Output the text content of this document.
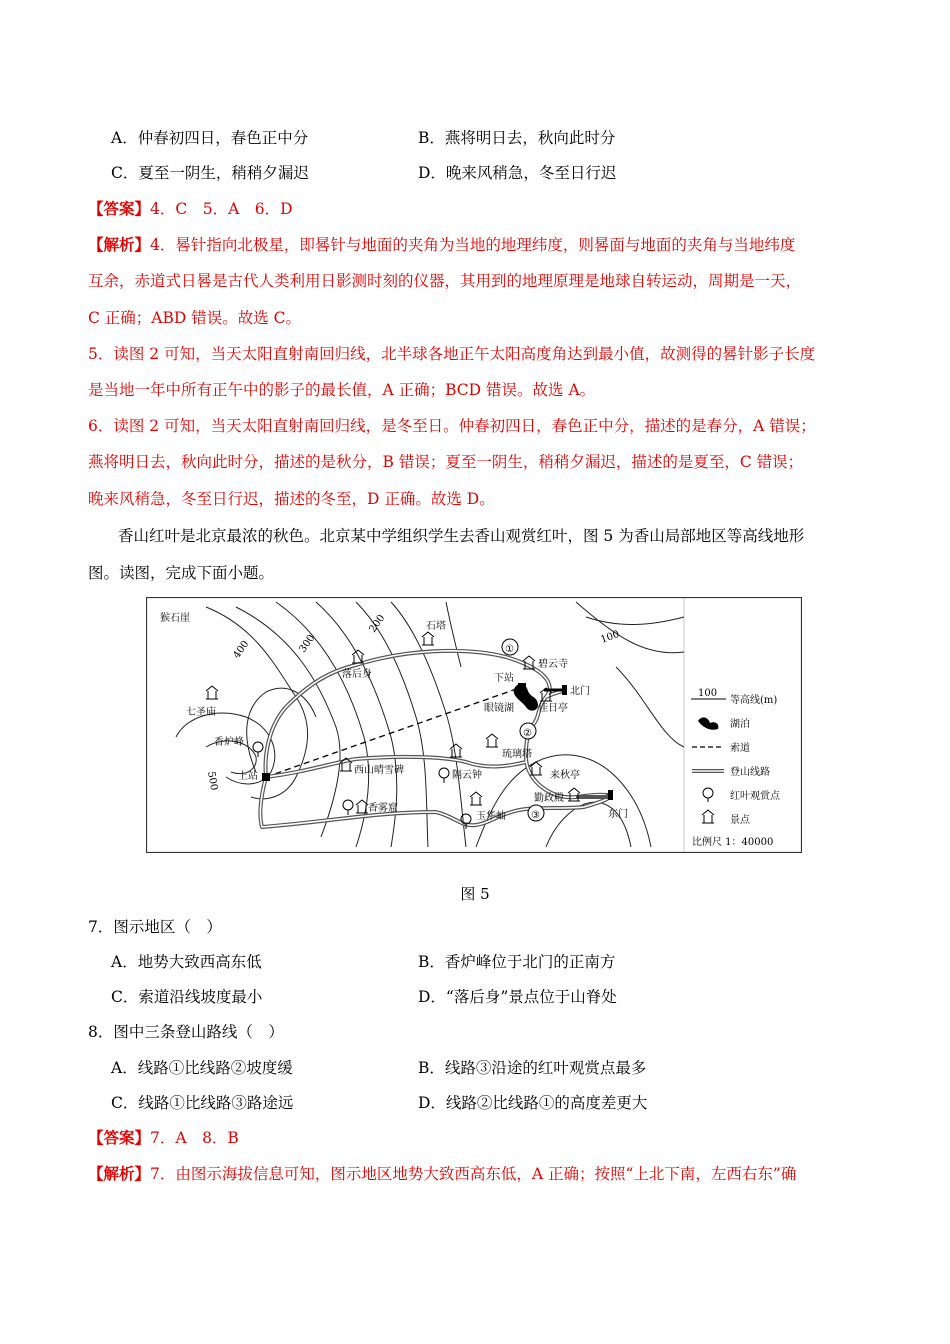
A．仲春初四日，春色正中分	B．燕将明日去，秋向此时分
C．夏至一阴生，稍稍夕漏迟	D．晚来风稍急，冬至日行迟
【答案】4．C　5．A　6．D
【解析】4．晷针指向北极星，即晷针与地面的夹角为当地的地理纬度，则晷面与地面的夹角与当地纬度
互余，赤道式日晷是古代人类利用日影测时刻的仪器，其用到的地理原理是地球自转运动，周期是一天，
C 正确；ABD 错误。故选 C。
5．读图 2 可知，当天太阳直射南回归线，北半球各地正午太阳高度角达到最小值，故测得的晷针影子长度
是当地一年中所有正午中的影子的最长值，A 正确；BCD 错误。故选 A。
6．读图 2 可知，当天太阳直射南回归线，是冬至日。仲春初四日，春色正中分，描述的是春分，A 错误；
燕将明日去，秋向此时分，描述的是秋分，B 错误；夏至一阴生，稍稍夕漏迟，描述的是夏至，C 错误；
晚来风稍急，冬至日行迟，描述的冬至，D 正确。故选 D。
香山红叶是北京最浓的秋色。北京某中学组织学生去香山观赏红叶，图 5 为香山局部地区等高线地形
图。读图，完成下面小题。
400	300
200
100
500
①
②
③
猴石崖
七圣庙
香炉峰
上站
落后身
石塔
碧云寺
下站
北门
眼镜湖 佳日亭
琉璃塔
西山晴雪碑	隔云钟	来秋亭
香雾窟
玉华岫
勤政殿
东门
100
等高线(m)
湖泊
索道
登山线路
红叶观赏点
景点
比例尺 1：40000
图 5
7．图示地区（　）
A．地势大致西高东低	B．香炉峰位于北门的正南方
C．索道沿线坡度最小	D．“落后身”景点位于山脊处
8．图中三条登山路线（　）
A．线路①比线路②坡度缓	B．线路③沿途的红叶观赏点最多
C．线路①比线路③路途远	D．线路②比线路①的高度差更大
【答案】7．A　8．B
【解析】7．由图示海拔信息可知，图示地区地势大致西高东低，A 正确；按照“上北下南，左西右东”确
